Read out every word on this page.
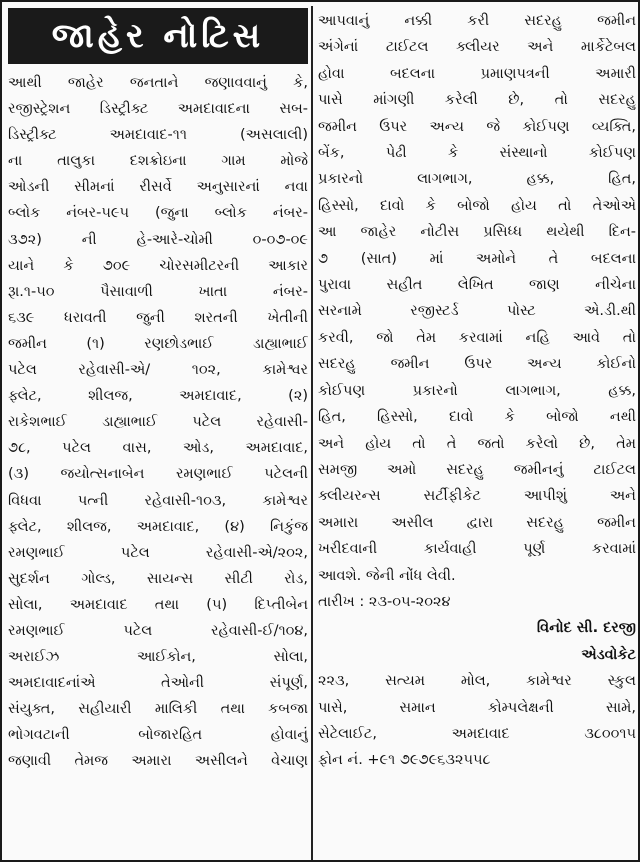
જાહેર નોટિસ
આથી જાહેર જનતાને જણાવવાનું કે,
રજીસ્ટ્રેશન ડિસ્ટ્રીક્ટ અમદાવાદના સબ-
ડિસ્ટ્રીક્ટ અમદાવાદ-૧૧ (અસલાલી)
ના તાલુકા દશક્રોઇના ગામ મોજે
ઓડની સીમનાં રીસર્વે અનુસારનાં નવા
બ્લોક નંબર-૫૯૫ (જુના બ્લોક નંબર-
૩૭૨) ની હે-આરે-ચોમી ૦-૦૭-૦૯
યાને કે ૭૦૯ ચોરસમીટરની આકાર
રૂા.૧-૫૦ પૈસાવાળી ખાતા નંબર-
૬૩૯ ધરાવતી જુની શરતની ખેતીની
જમીન (૧) રણછોડભાઈ ડાહ્યાભાઈ
પટેલ રહેવાસી-એ/ ૧૦૨, કામેશ્વર
ફ્લેટ, શીલજ, અમદાવાદ, (૨)
રાકેશભાઈ ડાહ્યાભાઈ પટેલ રહેવાસી-
૭૮, પટેલ વાસ, ઓડ, અમદાવાદ,
(૩) જયોત્સનાબેન રમણભાઈ પટેલની
વિધવા પત્ની રહેવાસી-૧૦૩, કામેશ્વર
ફ્લેટ, શીલજ, અમદાવાદ, (૪) નિકુંજ
રમણભાઈ પટેલ રહેવાસી-એ/૨૦૨,
સુદર્શન ગોલ્ડ, સાયન્સ સીટી રોડ,
સોલા, અમદાવાદ તથા (૫) દિપ્તીબેન
રમણભાઈ પટેલ રહેવાસી-ઈ/૧૦૪,
અરાઈઝ આઈકોન, સોલા,
અમદાવાદનાંએ તેઓની સંપૂર્ણ,
સંયુક્ત, સહીયારી માલિકી તથા કબજા
ભોગવટાની બોજારહિત હોવાનું
જણાવી તેમજ અમારા અસીલને વેચાણ
આપવાનું નક્કી કરી સદરહુ જમીન
અંગેનાં ટાઈટલ ક્લીયર અને માર્કેટેબલ
હોવા બદલના પ્રમાણપત્રની અમારી
પાસે માંગણી કરેલી છે, તો સદરહુ
જમીન ઉપર અન્ય જે કોઈપણ વ્યક્તિ,
બેંક, પેઢી કે સંસ્થાનો કોઈપણ
પ્રકારનો લાગભાગ, હક્ક, હિત,
હિસ્સો, દાવો કે બોજો હોય તો તેઓએ
આ જાહેર નોટીસ પ્રસિધ્ધ થયેથી દિન-
૭ (સાત) માં અમોને તે બદલના
પુરાવા સહીત લેખિત જાણ નીચેના
સરનામે રજીસ્ટર્ડ પોસ્ટ એ.ડી.થી
કરવી, જો તેમ કરવામાં નહિ આવે તો
સદરહુ જમીન ઉપર અન્ય કોઈનો
કોઈપણ પ્રકારનો લાગભાગ, હક્ક,
હિત, હિસ્સો, દાવો કે બોજો નથી
અને હોય તો તે જતો કરેલો છે, તેમ
સમજી અમો સદરહુ જમીનનું ટાઈટલ
ક્લીયરન્સ સર્ટીફીકેટ આપીશું અને
અમારા અસીલ દ્વારા સદરહુ જમીન
ખરીદવાની કાર્યવાહી પૂર્ણ કરવામાં
આવશે. જેની નોંધ લેવી.
તારીખ : ૨૩-૦૫-૨૦૨૪
વિનોદ સી. દરજી
એડવોકેટ
૨૨૩, સત્યમ મોલ, કામેશ્વર સ્કુલ
પાસે, સમાન કોમ્પલેક્ષની સામે,
સેટેલાઈટ, અમદાવાદ ૩૮૦૦૧૫
ફોન નં. +૯૧ ૭૯૭૯૬૩૨૫૫૮
